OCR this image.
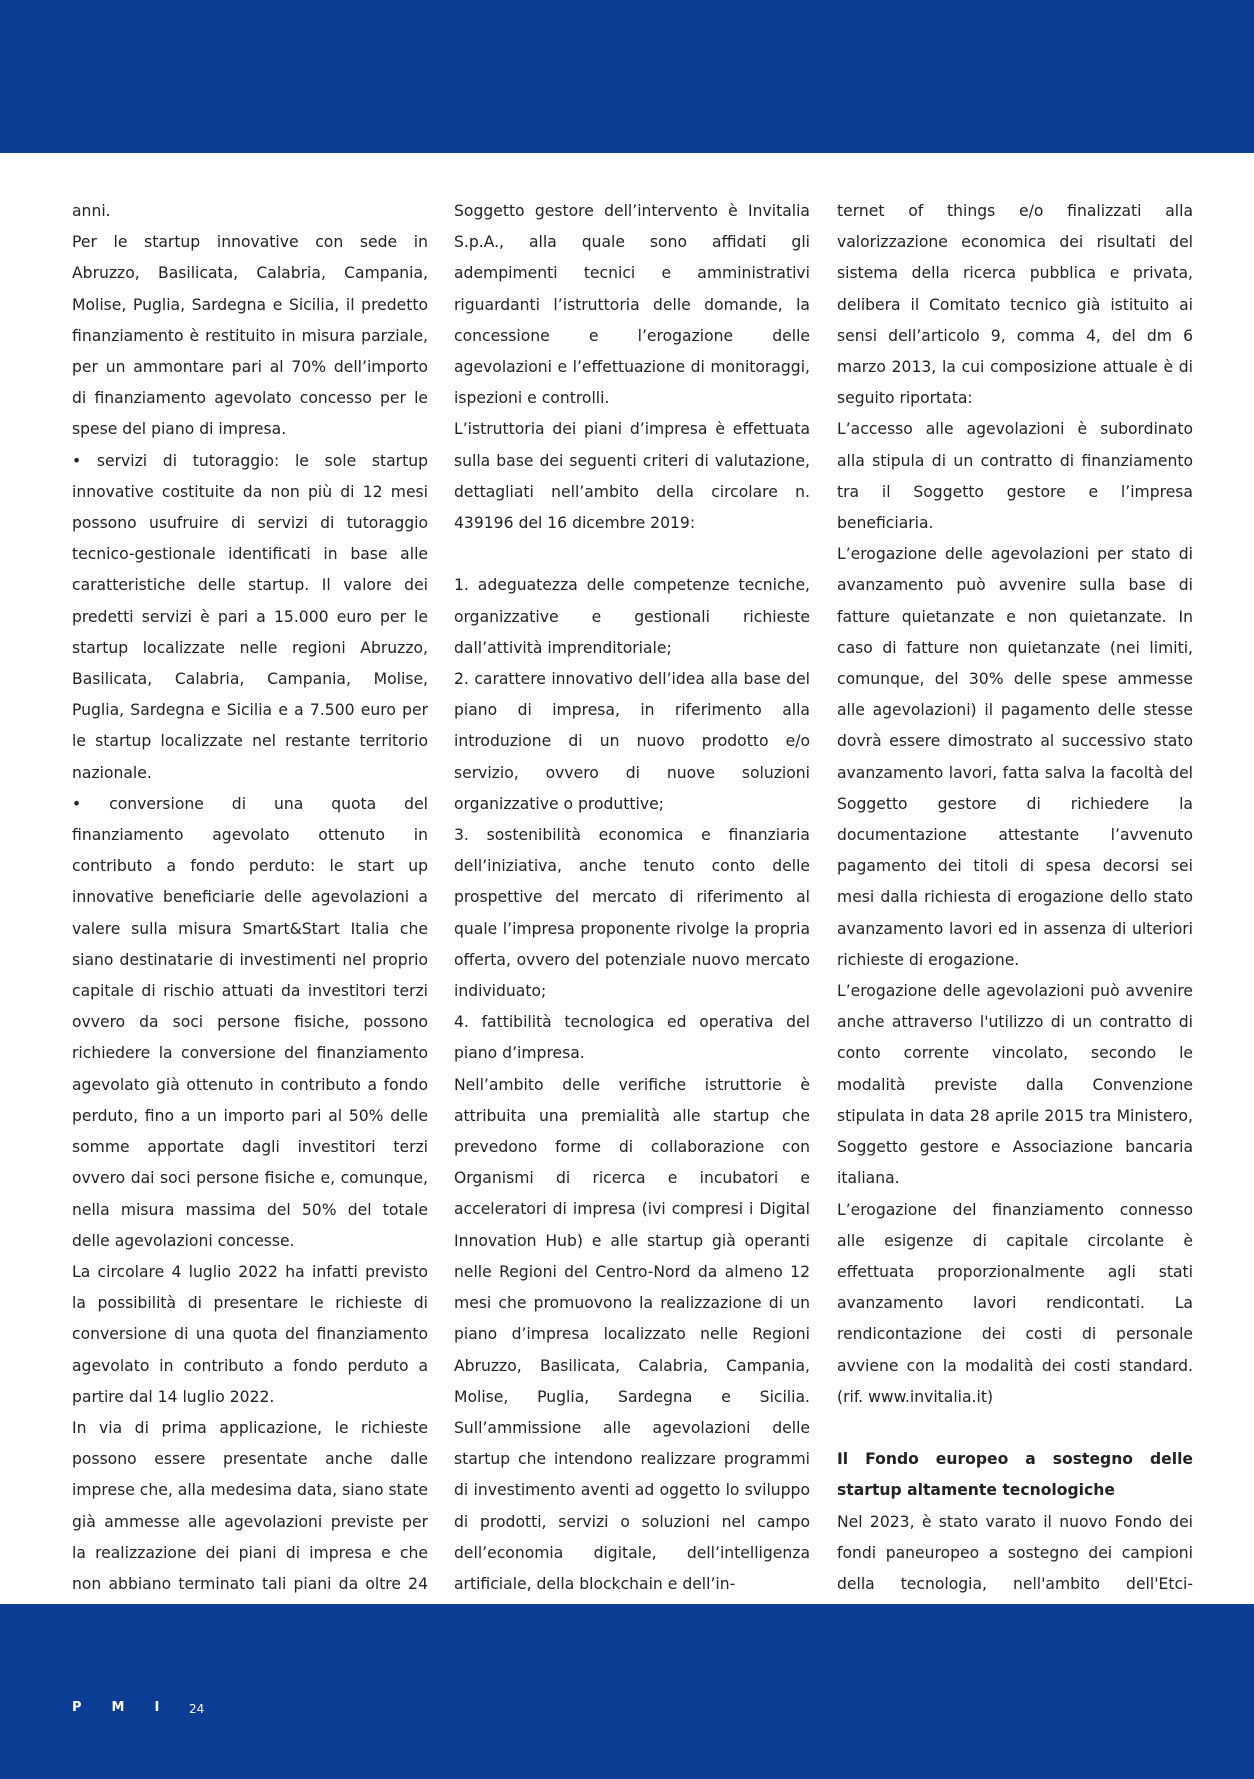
anni.

Per le startup innovative con sede in Abruzzo, Basilicata, Calabria, Campania, Molise, Puglia, Sardegna e Sicilia, il predetto finanziamento è restituito in misura parziale, per un ammontare pari al 70% dell’importo di finanziamento agevolato concesso per le spese del piano di impresa.

• servizi di tutoraggio: le sole startup innovative costituite da non più di 12 mesi possono usufruire di servizi di tutoraggio tecnico-gestionale identificati in base alle caratteristiche delle startup. Il valore dei predetti servizi è pari a 15.000 euro per le startup localizzate nelle regioni Abruzzo, Basilicata, Calabria, Campania, Molise, Puglia, Sardegna e Sicilia e a 7.500 euro per le startup localizzate nel restante territorio nazionale.

• conversione di una quota del finanziamento agevolato ottenuto in contributo a fondo perduto: le start up innovative beneficiarie delle agevolazioni a valere sulla misura Smart&Start Italia che siano destinatarie di investimenti nel proprio capitale di rischio attuati da investitori terzi ovvero da soci persone fisiche, possono richiedere la conversione del finanziamento agevolato già ottenuto in contributo a fondo perduto, fino a un importo pari al 50% delle somme apportate dagli investitori terzi ovvero dai soci persone fisiche e, comunque, nella misura massima del 50% del totale delle agevolazioni concesse.

La circolare 4 luglio 2022 ha infatti previsto la possibilità di presentare le richieste di conversione di una quota del finanziamento agevolato in contributo a fondo perduto a partire dal 14 luglio 2022.

In via di prima applicazione, le richieste possono essere presentate anche dalle imprese che, alla medesima data, siano state già ammesse alle agevolazioni previste per la realizzazione dei piani di impresa e che non abbiano terminato tali piani da oltre 24

Soggetto gestore dell’intervento è Invitalia S.p.A., alla quale sono affidati gli adempimenti tecnici e amministrativi riguardanti l’istruttoria delle domande, la concessione e l’erogazione delle agevolazioni e l’effettuazione di monitoraggi, ispezioni e controlli.

L’istruttoria dei piani d’impresa è effettuata sulla base dei seguenti criteri di valutazione, dettagliati nell’ambito della circolare n. 439196 del 16 dicembre 2019:

1. adeguatezza delle competenze tecniche, organizzative e gestionali richieste dall’attività imprenditoriale;

2. carattere innovativo dell’idea alla base del piano di impresa, in riferimento alla introduzione di un nuovo prodotto e/o servizio, ovvero di nuove soluzioni organizzative o produttive;

3. sostenibilità economica e finanziaria dell’iniziativa, anche tenuto conto delle prospettive del mercato di riferimento al quale l’impresa proponente rivolge la propria offerta, ovvero del potenziale nuovo mercato individuato;

4. fattibilità tecnologica ed operativa del piano d’impresa.

Nell’ambito delle verifiche istruttorie è attribuita una premialità alle startup che prevedono forme di collaborazione con Organismi di ricerca e incubatori e acceleratori di impresa (ivi compresi i Digital Innovation Hub) e alle startup già operanti nelle Regioni del Centro-Nord da almeno 12 mesi che promuovono la realizzazione di un piano d’impresa localizzato nelle Regioni Abruzzo, Basilicata, Calabria, Campania, Molise, Puglia, Sardegna e Sicilia. Sull’ammissione alle agevolazioni delle startup che intendono realizzare programmi di investimento aventi ad oggetto lo sviluppo di prodotti, servizi o soluzioni nel campo dell’economia digitale, dell’intelligenza artificiale, della blockchain e dell’in-

ternet of things e/o finalizzati alla valorizzazione economica dei risultati del sistema della ricerca pubblica e privata, delibera il Comitato tecnico già istituito ai sensi dell’articolo 9, comma 4, del dm 6 marzo 2013, la cui composizione attuale è di seguito riportata:

L’accesso alle agevolazioni è subordinato alla stipula di un contratto di finanziamento tra il Soggetto gestore e l’impresa beneficiaria.

L’erogazione delle agevolazioni per stato di avanzamento può avvenire sulla base di fatture quietanzate e non quietanzate. In caso di fatture non quietanzate (nei limiti, comunque, del 30% delle spese ammesse alle agevolazioni) il pagamento delle stesse dovrà essere dimostrato al successivo stato avanzamento lavori, fatta salva la facoltà del Soggetto gestore di richiedere la documentazione attestante l’avvenuto pagamento dei titoli di spesa decorsi sei mesi dalla richiesta di erogazione dello stato avanzamento lavori ed in assenza di ulteriori richieste di erogazione.

L’erogazione delle agevolazioni può avvenire anche attraverso l'utilizzo di un contratto di conto corrente vincolato, secondo le modalità previste dalla Convenzione stipulata in data 28 aprile 2015 tra Ministero, Soggetto gestore e Associazione bancaria italiana.

L’erogazione del finanziamento connesso alle esigenze di capitale circolante è effettuata proporzionalmente agli stati avanzamento lavori rendicontati. La rendicontazione dei costi di personale avviene con la modalità dei costi standard.(rif. www.invitalia.it)

Il Fondo europeo a sostegno delle startup altamente tecnologiche

Nel 2023, è stato varato il nuovo Fondo dei fondi paneuropeo a sostegno dei campioni della tecnologia, nell'ambito dell'Etci-

PMI 24
